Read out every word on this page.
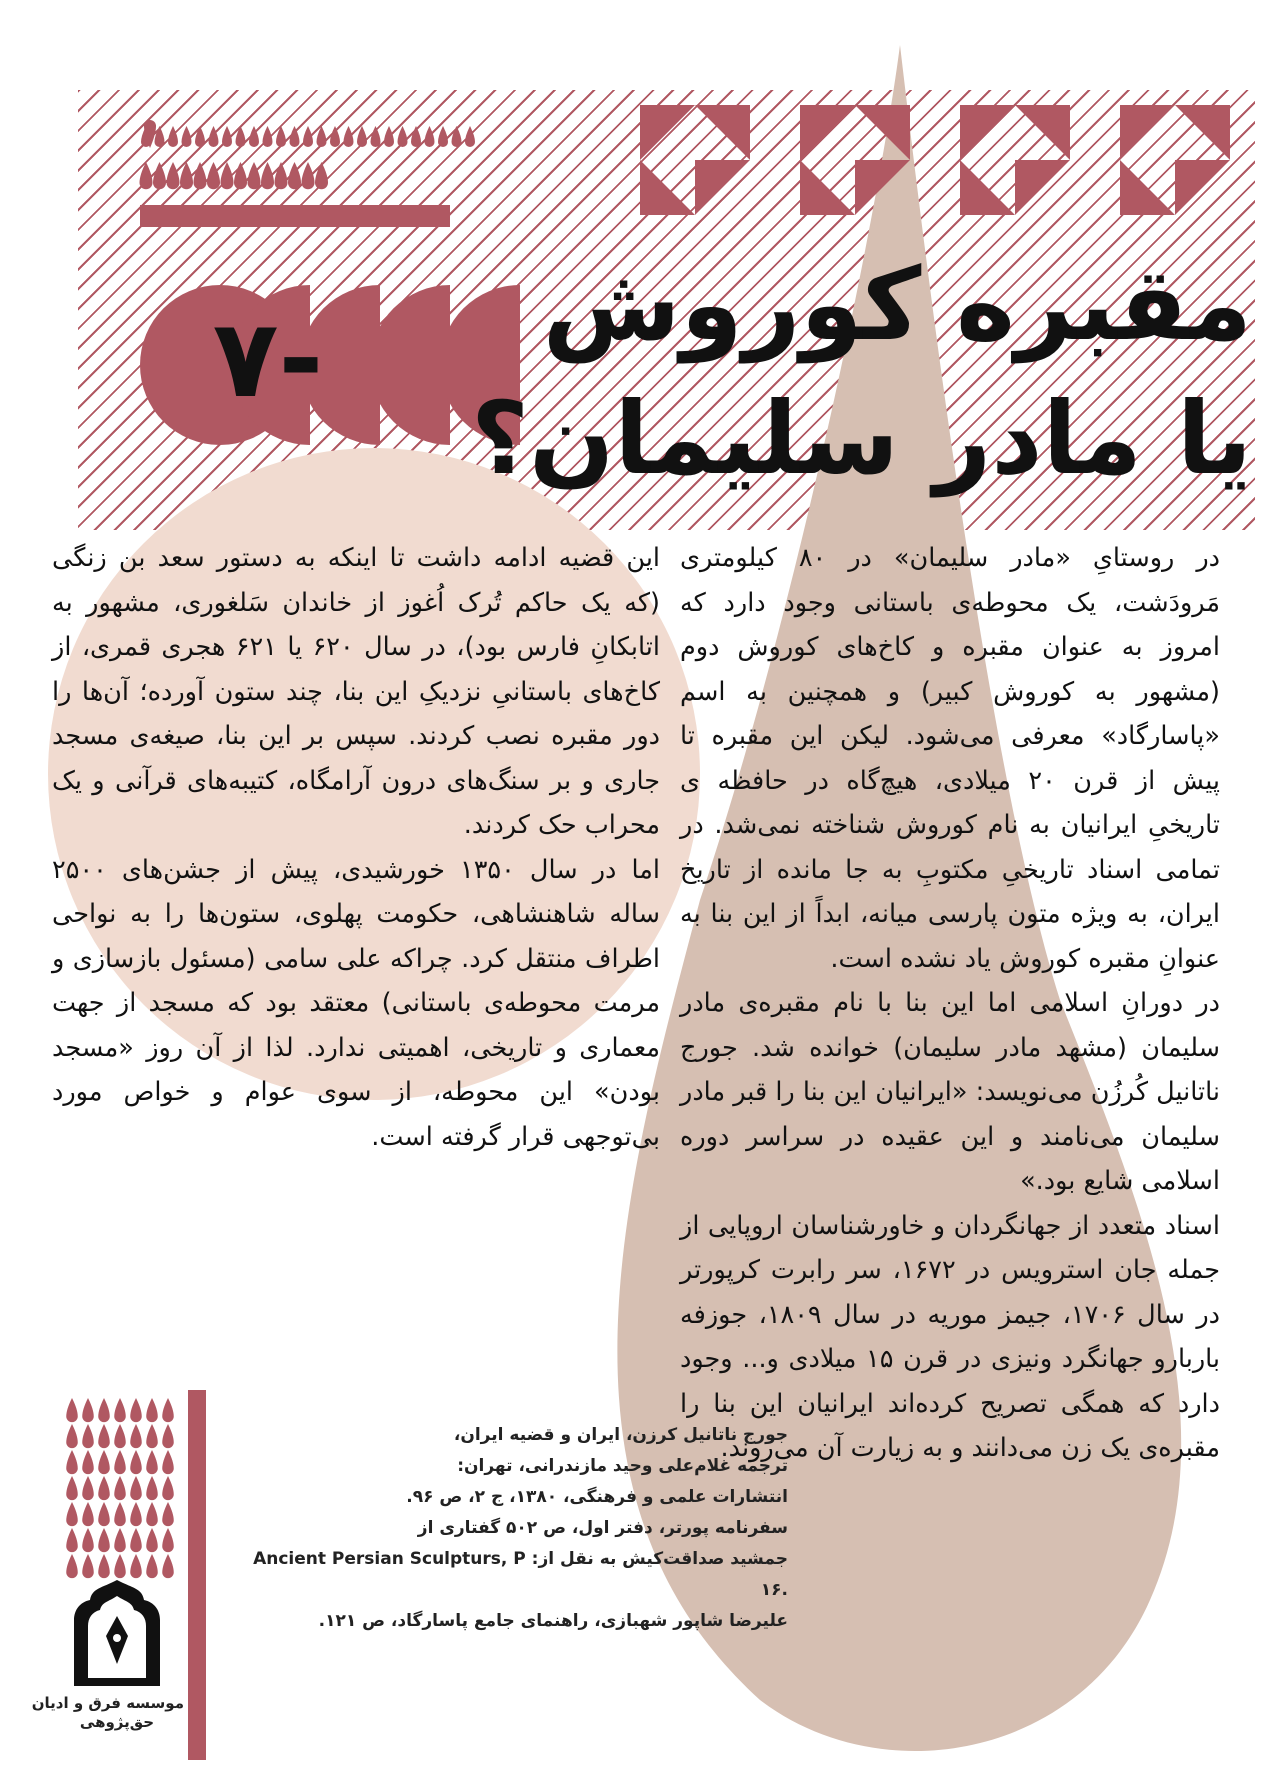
۷-	مقبره کوروش
یا مادر سلیمان؟

در روستایِ «مادر سلیمان» در ۸۰ کیلومتری مَرودَشت، یک محوطه‌ی باستانی وجود دارد که امروز به عنوان مقبره و کاخ‌های کوروش دوم (مشهور به کوروش کبیر) و همچنین به اسم «پاسارگاد» معرفی می‌شود. لیکن این مقبره تا پیش از قرن ۲۰ میلادی، هیچ‌گاه در حافظه ی تاریخیِ ایرانیان به نام کوروش شناخته نمی‌شد. در تمامی اسناد تاریخیِ مکتوبِ به جا مانده از تاریخ ایران، به ویژه متون پارسی میانه، ابداً از این بنا به عنوانِ مقبره کوروش یاد نشده است.

در دورانِ اسلامی اما این بنا با نام مقبره‌ی مادر سلیمان (مشهد مادر سلیمان) خوانده شد. جورج ناتانیل کُرزُن می‌نویسد: «ایرانیان این بنا را قبر مادر سلیمان می‌نامند و این عقیده در سراسر دوره اسلامی شایع بود.»

اسناد متعدد از جهانگردان و خاورشناسان اروپایی از جمله جان استرویس در ۱۶۷۲، سر رابرت کرپورتر در سال ۱۷۰۶، جیمز موریه در سال ۱۸۰۹، جوزفه باربارو جهانگرد ونیزی در قرن ۱۵ میلادی و... وجود دارد که همگی تصریح کرده‌اند ایرانیان این بنا را مقبره‌ی یک زن می‌دانند و به زیارت آن می‌روند.

این قضیه ادامه داشت تا اینکه به دستور سعد بن زنگی (که یک حاکم تُرک اُغوز از خاندان سَلغوری، مشهور به اتابکانِ فارس بود)، در سال ۶۲۰ یا ۶۲۱ هجری قمری، از کاخ‌های باستانیِ نزدیکِ این بنا، چند ستون آورده؛ آن‌ها را دور مقبره نصب کردند. سپس بر این بنا، صیغه‌ی مسجد جاری و بر سنگ‌های درون آرامگاه، کتیبه‌های قرآنی و یک محراب حک کردند.

اما در سال ۱۳۵۰ خورشیدی، پیش از جشن‌های ۲۵۰۰ ساله شاهنشاهی، حکومت پهلوی، ستون‌ها را به نواحی اطراف منتقل کرد. چراکه علی سامی (مسئول بازسازی و مرمت محوطه‌ی باستانی) معتقد بود که مسجد از جهت معماری و تاریخی، اهمیتی ندارد. لذا از آن روز «مسجد بودن» این محوطه، از سوی عوام و خواص مورد بی‌توجهی قرار گرفته است.

جورج ناتانیل کرزن، ایران و قضیه ایران،

ترجمه غلام‌علی وحید مازندرانی، تهران:

انتشارات علمی و فرهنگی، ۱۳۸۰، ج ۲، ص ۹۶.

سفرنامه پورتر، دفتر اول، ص ۵۰۲ گفتاری از

جمشید صداقت‌کیش به نقل از: Ancient Persian Sculpturs, P

.۱۶

علیرضا شاپور شهبازی، راهنمای جامع پاسارگاد، ص ۱۲۱.

موسسه فرق و ادیان
حق‌پژوهی
